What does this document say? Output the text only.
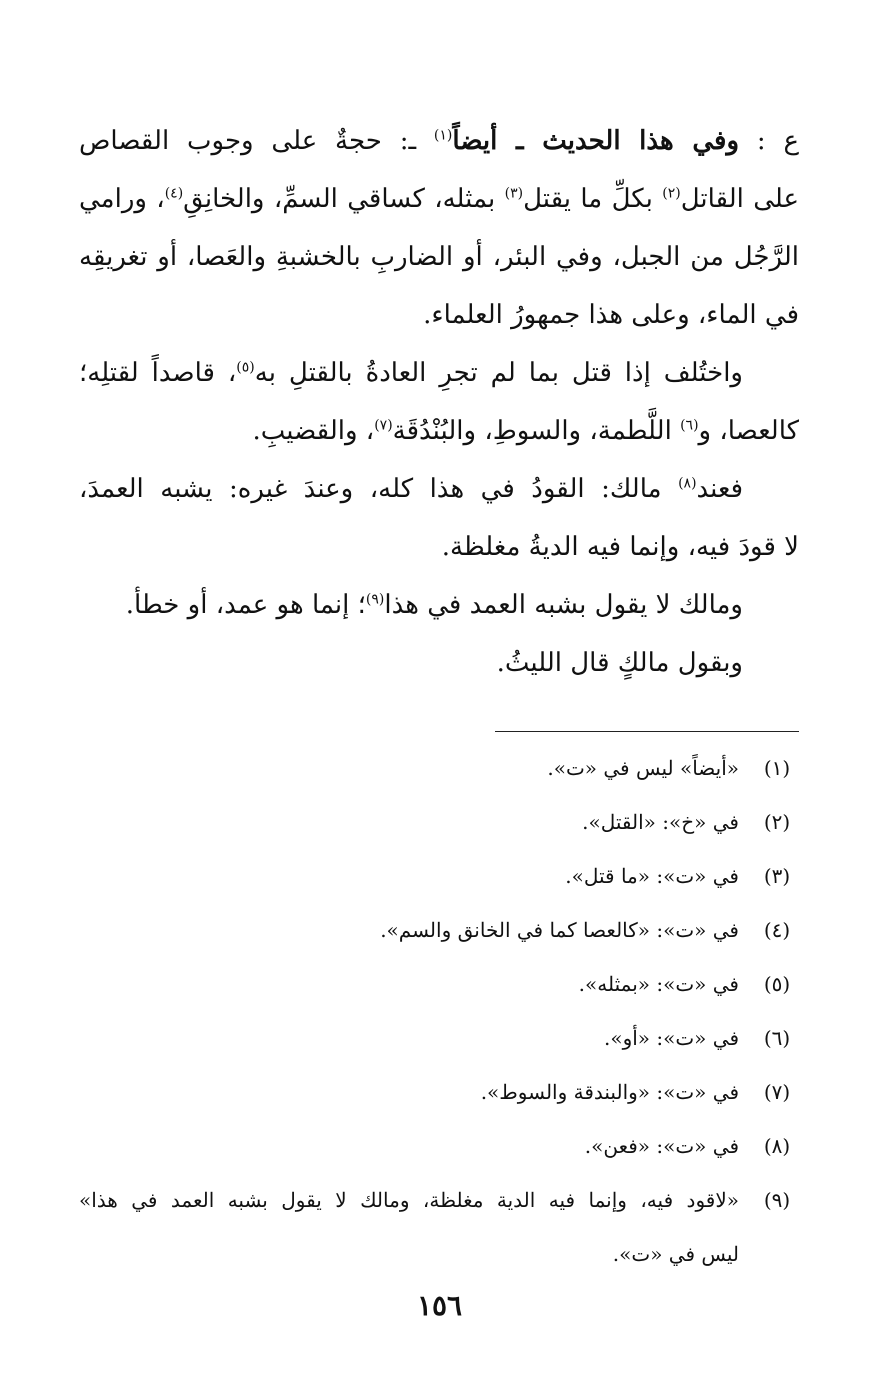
ع : وفي هذا الحديث ـ أيضاً$^{(١)}$ ـ: حجةٌ على وجوب القصاص
على القاتل$^{(٢)}$ بكلِّ ما يقتل$^{(٣)}$ بمثله، كساقي السمِّ، والخانِقِ$^{(٤)}$، ورامي
الرَّجُل من الجبل، وفي البئر، أو الضاربِ بالخشبةِ والعَصا، أو تغريقِه
في الماء، وعلى هذا جمهورُ العلماء.
واختُلف إذا قتل بما لم تجرِ العادةُ بالقتلِ به$^{(٥)}$، قاصداً لقتلِه؛
كالعصا، و$^{(٦)}$ اللَّطمة، والسوطِ، والبُنْدُقَة$^{(٧)}$، والقضيبِ.
فعند$^{(٨)}$ مالك: القودُ في هذا كله، وعندَ غيره: يشبه العمدَ،
لا قودَ فيه، وإنما فيه الديةُ مغلظة.
ومالك لا يقول بشبه العمد في هذا$^{(٩)}$؛ إنما هو عمد، أو خطأ.
وبقول مالكٍ قال الليثُ.
(١)
«أيضاً» ليس في «ت».
(٢)
في «خ»: «القتل».
(٣)
في «ت»: «ما قتل».
(٤)
في «ت»: «كالعصا كما في الخانق والسم».
(٥)
في «ت»: «بمثله».
(٦)
في «ت»: «أو».
(٧)
في «ت»: «والبندقة والسوط».
(٨)
في «ت»: «فعن».
(٩)
«لاقود فيه، وإنما فيه الدية مغلظة، ومالك لا يقول بشبه العمد في هذا»
ليس في «ت».
١٥٦
